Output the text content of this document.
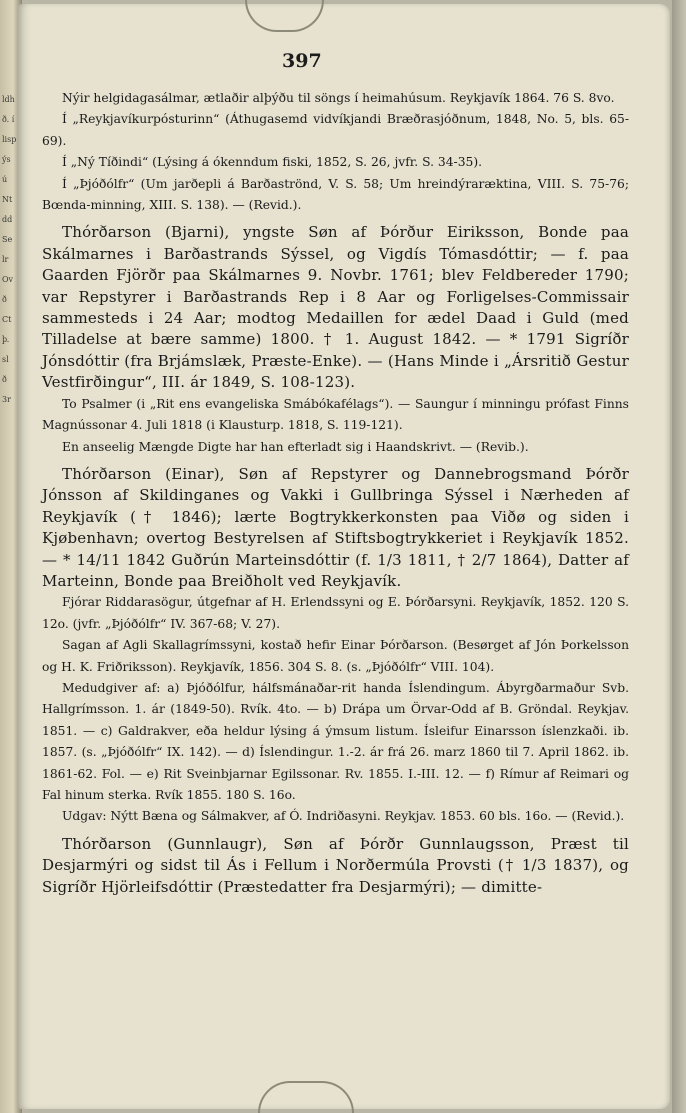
ldh
ð. í
lisp
ýs
ú
Nt
dd
Se
lr
Ov
ð
Ct
þ.
sl
ð
3r
397

Nýir helgidagasálmar, ætlaðir alþýðu til söngs í heimahúsum. Reykjavík 1864. 76 S. 8vo.

Í „Reykjavíkurpósturinn“ (Áthugasemd vidvíkjandi Bræðrasjóðnum, 1848, No. 5, bls. 65-69).

Í „Ný Tíðindi“ (Lýsing á ókenndum fiski, 1852, S. 26, jvfr. S. 34-35).

Í „Þjóðólfr“ (Um jarðepli á Barðaströnd, V. S. 58; Um hreindýraræktina, VIII. S. 75-76; Bœnda-minning, XIII. S. 138). — (Revid.).

Thórðarson (Bjarni), yngste Søn af Þórður Eiriksson, Bonde paa Skálmarnes i Barðastrands Sýssel, og Vigdís Tómasdóttir; — f. paa Gaarden Fjörðr paa Skálmarnes 9. Novbr. 1761; blev Feldbereder 1790; var Repstyrer i Barðastrands Rep i 8 Aar og Forligelses-Commissair sammesteds i 24 Aar; modtog Medaillen for ædel Daad i Guld (med Tilladelse at bære samme) 1800. † 1. August 1842. — * 1791 Sigríðr Jónsdóttir (fra Brjámslæk, Præste-Enke). — (Hans Minde i „Ársritið Gestur Vestfirðingur“, III. ár 1849, S. 108-123).

To Psalmer (i „Rit ens evangeliska Smábókafélags“). — Saungur í minningu prófast Finns Magnússonar 4. Juli 1818 (i Klausturp. 1818, S. 119-121).

En anseelig Mængde Digte har han efterladt sig i Haandskrivt. — (Revib.).

Thórðarson (Einar), Søn af Repstyrer og Dannebrogsmand Þórðr Jónsson af Skildinganes og Vakki i Gullbringa Sýssel i Nærheden af Reykjavík († 1846); lærte Bogtrykkerkonsten paa Viðø og siden i Kjøbenhavn; overtog Bestyrelsen af Stiftsbogtrykkeriet i Reykjavík 1852. — * 14/11 1842 Guðrún Marteinsdóttir (f. 1/3 1811, † 2/7 1864), Datter af Marteinn, Bonde paa Breiðholt ved Reykjavík.

Fjórar Riddarasögur, útgefnar af H. Erlendssyni og E. Þórðarsyni. Reykjavík, 1852. 120 S. 12o. (jvfr. „Þjóðólfr“ IV. 367-68; V. 27).

Sagan af Agli Skallagrímssyni, kostað hefir Einar Þórðarson. (Besørget af Jón Þorkelsson og H. K. Friðriksson). Reykjavík, 1856. 304 S. 8. (s. „Þjóðólfr“ VIII. 104).

Medudgiver af: a) Þjóðólfur, hálfsmánaðar-rit handa Íslendingum. Ábyrgðarmaður Svb. Hallgrímsson. 1. ár (1849-50). Rvík. 4to. — b) Drápa um Örvar-Odd af B. Gröndal. Reykjav. 1851. — c) Galdrakver, eða heldur lýsing á ýmsum listum. Ísleifur Einarsson íslenzkaði. ib. 1857. (s. „Þjóðólfr“ IX. 142). — d) Íslendingur. 1.-2. ár frá 26. marz 1860 til 7. April 1862. ib. 1861-62. Fol. — e) Rit Sveinbjarnar Egilssonar. Rv. 1855. I.-III. 12. — f) Rímur af Reimari og Fal hinum sterka. Rvík 1855. 180 S. 16o.

Udgav: Nýtt Bæna og Sálmakver, af Ó. Indriðasyni. Reykjav. 1853. 60 bls. 16o. — (Revid.).

Thórðarson (Gunnlaugr), Søn af Þórðr Gunnlaugsson, Præst til Desjarmýri og sidst til Ás i Fellum i Norðermúla Provsti († 1/3 1837), og Sigríðr Hjörleifsdóttir (Præstedatter fra Desjarmýri); — dimitte-
